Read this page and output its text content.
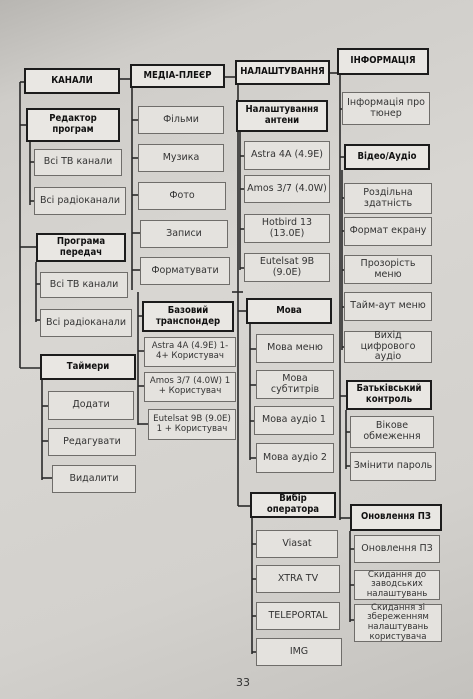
КАНАЛИ
Редактор програм
Всі ТВ канали
Всі радіоканали
Програма передач
Всі ТВ канали
Всі радіоканали
Таймери
Додати
Редагувати
Видалити
МЕДІА-ПЛЕЄР
Фільми
Музика
Фото
Записи
Форматувати
Базовий транспондер
Astra 4A (4.9E) 1-4+ Користувач
Amos 3/7 (4.0W) 1 + Користувач
Eutelsat 9B (9.0E) 1 + Користувач
НАЛАШТУВАННЯ
Налаштування антени
Astra 4A (4.9E)
Amos 3/7 (4.0W)
Hotbird 13 (13.0E)
Eutelsat 9B (9.0E)
Мова
Мова меню
Мова субтитрів
Мова аудіо 1
Мова аудіо 2
Вибір оператора
Viasat
XTRA TV
TELEPORTAL
IMG
ІНФОРМАЦІЯ
Інформація про тюнер
Відео/Аудіо
Роздільна здатність
Формат екрану
Прозорість меню
Тайм-аут меню
Вихід цифрового аудіо
Батьківський контроль
Вікове обмеження
Змінити пароль
Оновлення ПЗ
Оновлення ПЗ
Скидання до заводських налаштувань
Скидання зі збереженням налаштувань користувача
33
